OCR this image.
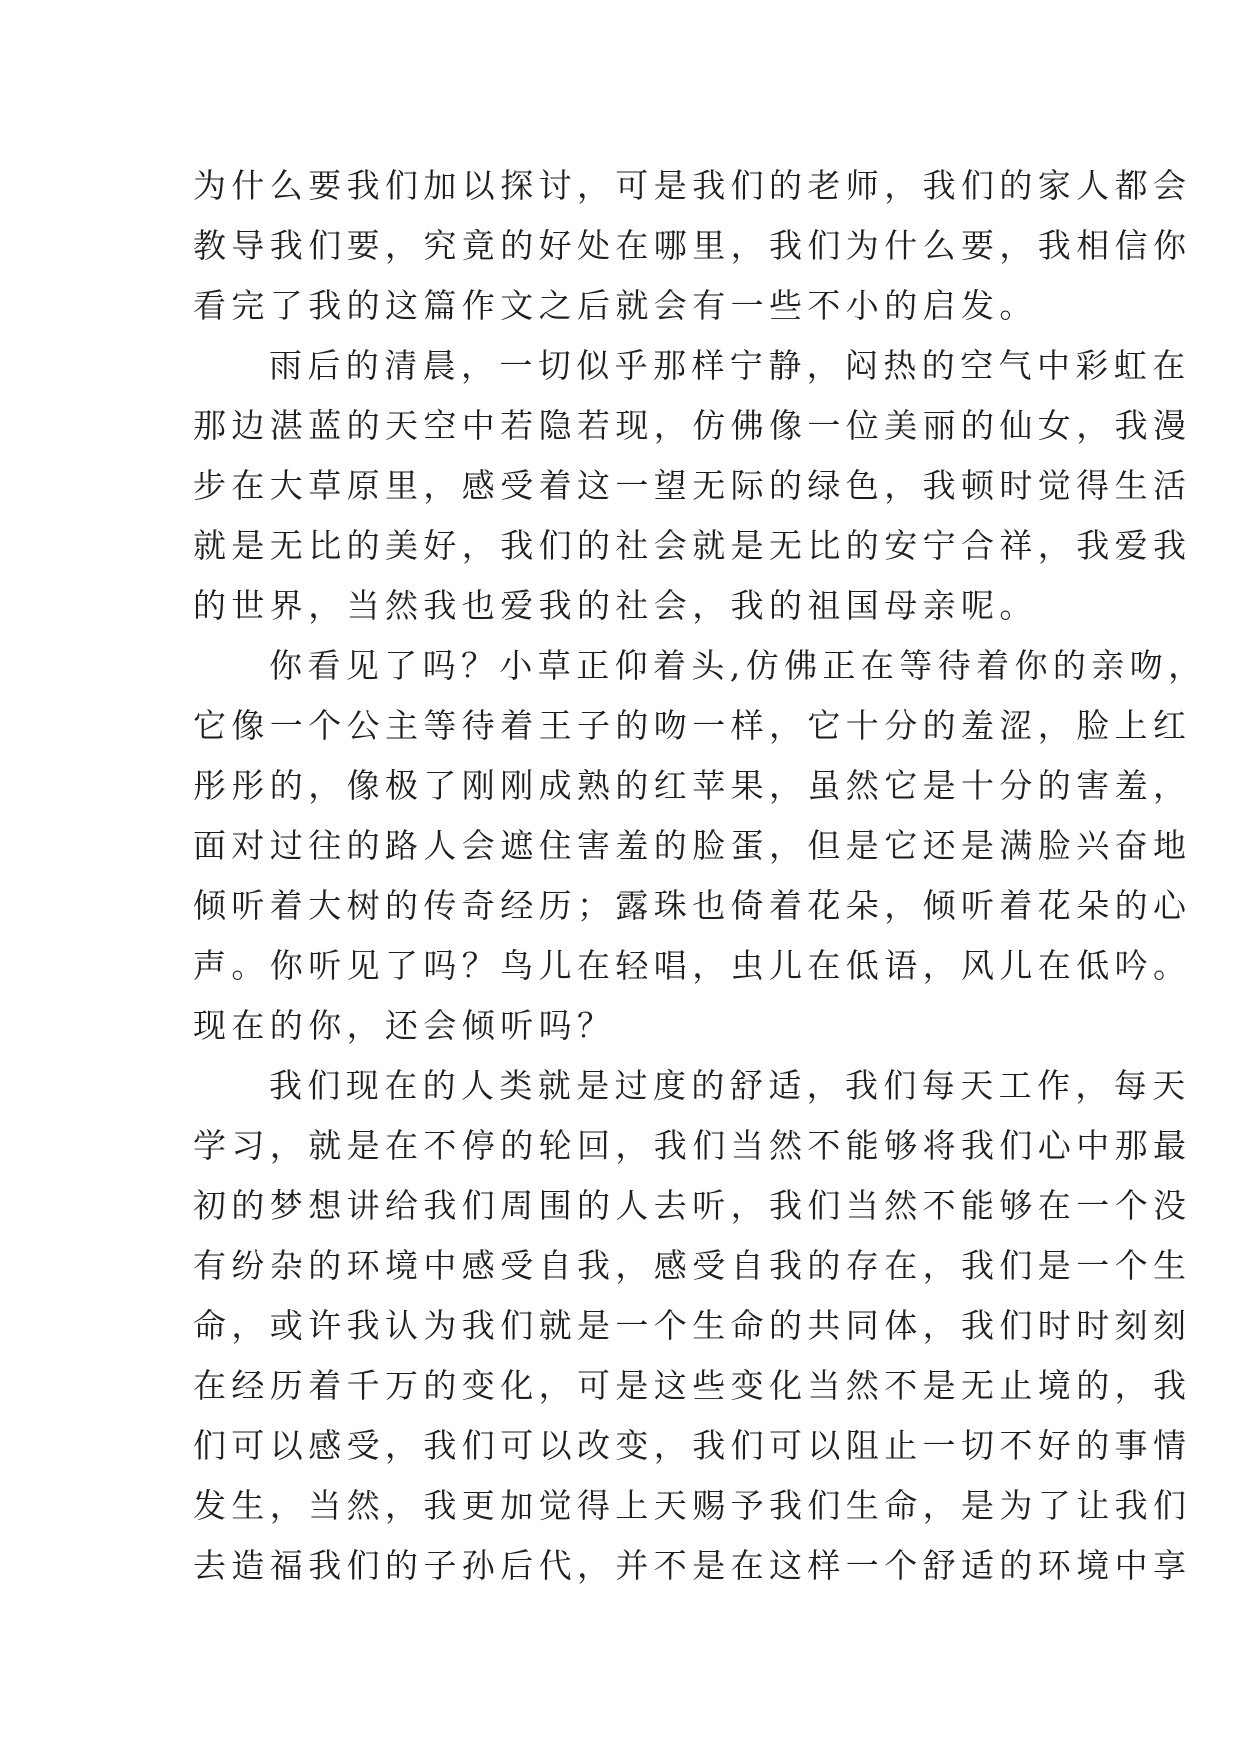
为什么要我们加以探讨，可是我们的老师，我们的家人都会
教导我们要，究竟的好处在哪里，我们为什么要，我相信你
看完了我的这篇作文之后就会有一些不小的启发。
雨后的清晨，一切似乎那样宁静，闷热的空气中彩虹在
那边湛蓝的天空中若隐若现，仿佛像一位美丽的仙女，我漫
步在大草原里，感受着这一望无际的绿色，我顿时觉得生活
就是无比的美好，我们的社会就是无比的安宁合祥，我爱我
的世界，当然我也爱我的社会，我的祖国母亲呢。
你看见了吗？小草正仰着头,仿佛正在等待着你的亲吻，
它像一个公主等待着王子的吻一样，它十分的羞涩，脸上红
彤彤的，像极了刚刚成熟的红苹果，虽然它是十分的害羞，
面对过往的路人会遮住害羞的脸蛋，但是它还是满脸兴奋地
倾听着大树的传奇经历；露珠也倚着花朵，倾听着花朵的心
声。你听见了吗？鸟儿在轻唱，虫儿在低语，风儿在低吟。
现在的你，还会倾听吗？
我们现在的人类就是过度的舒适，我们每天工作，每天
学习，就是在不停的轮回，我们当然不能够将我们心中那最
初的梦想讲给我们周围的人去听，我们当然不能够在一个没
有纷杂的环境中感受自我，感受自我的存在，我们是一个生
命，或许我认为我们就是一个生命的共同体，我们时时刻刻
在经历着千万的变化，可是这些变化当然不是无止境的，我
们可以感受，我们可以改变，我们可以阻止一切不好的事情
发生，当然，我更加觉得上天赐予我们生命，是为了让我们
去造福我们的子孙后代，并不是在这样一个舒适的环境中享
